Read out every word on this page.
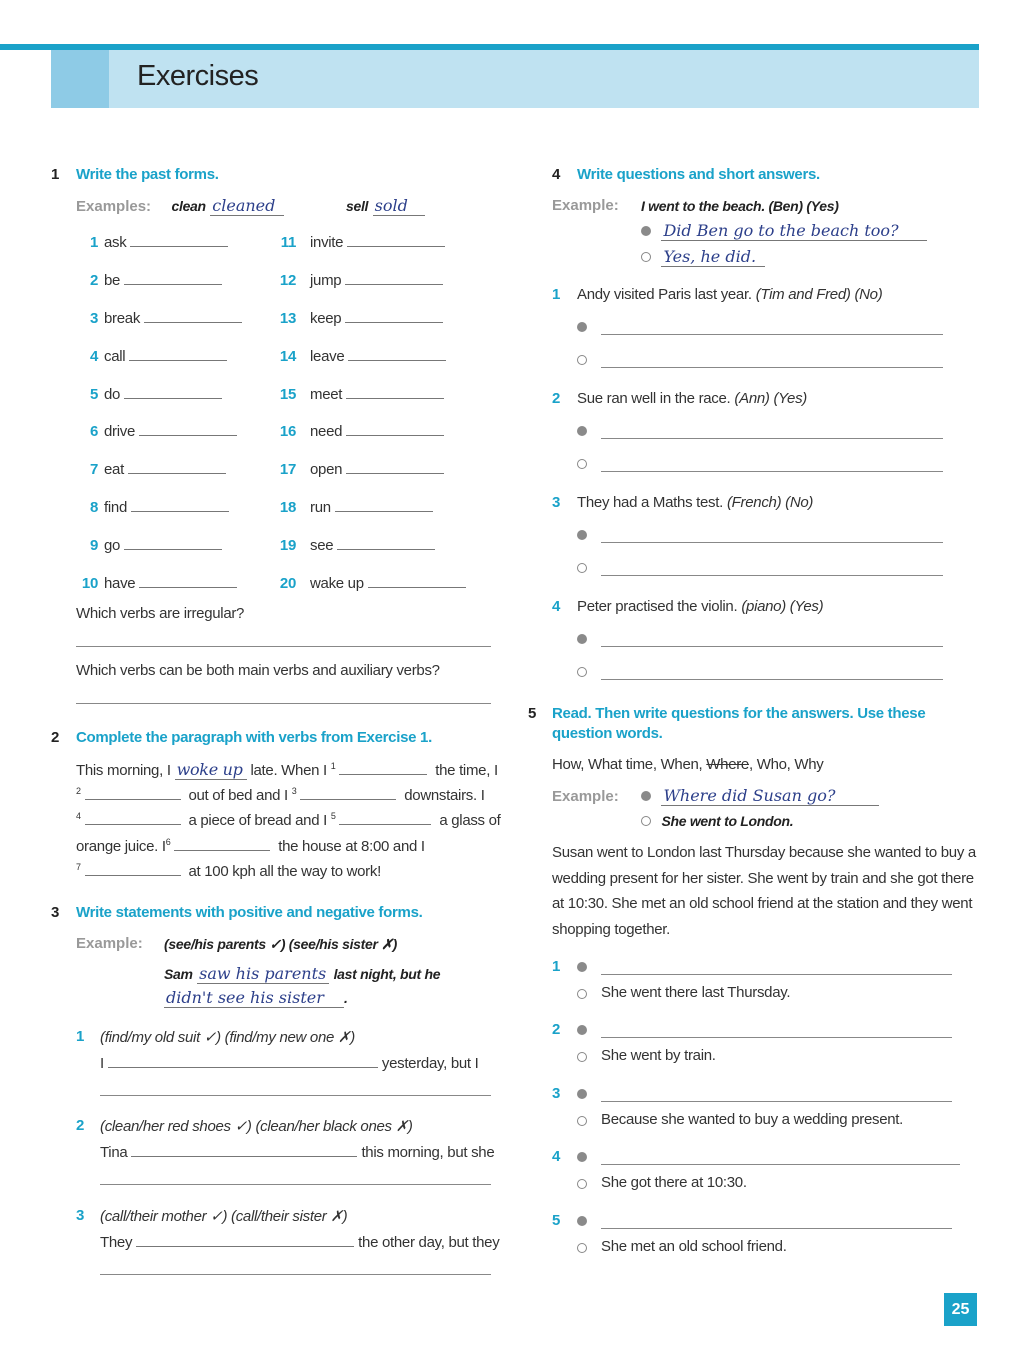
Exercises
1 Write the past forms.
Examples: clean cleaned	sell sold
1 ask
2 be
3 break
4 call
5 do
6 drive
7 eat
8 find
9 go
10 have
11 invite
12 jump
13 keep
14 leave
15 meet
16 need
17 open
18 run
19 see
20 wake up
Which verbs are irregular?
Which verbs can be both main verbs and auxiliary verbs?
2 Complete the paragraph with verbs from Exercise 1.
This morning, I woke up late. When I $^1$	the time, I
$^2$	out of bed and I $^3$	downstairs. I
$^4$	a piece of bread and I $^5$	a glass of
orange juice. $I^6$	the house at 8:00 and I
$^7$	at 100 kph all the way to work!
3 Write statements with positive and negative forms.
Example: (see/his parents ✓) (see/his sister ✗)
Sam saw his parents last night, but he
didn't see his sister .
1 (find/my old suit ✓) (find/my new one ✗)
I	yesterday, but I
2 (clean/her red shoes ✓) (clean/her black ones ✗)
Tina	this morning, but she
3 (call/their mother ✓) (call/their sister ✗)
They	the other day, but they
4 Write questions and short answers.
Example: I went to the beach. (Ben) (Yes)
Did Ben go to the beach too?
Yes, he did.
1 Andy visited Paris last year. (Tim and Fred) (No)
2 Sue ran well in the race. (Ann) (Yes)
3 They had a Maths test. (French) (No)
4 Peter practised the violin. (piano) (Yes)
5 Read. Then write questions for the answers. Use these question words.
How, What time, When, Where, Who, Why
Example:	Where did Susan go?
She went to London.
Susan went to London last Thursday because she wanted to buy a wedding present for her sister. She went by train and she got there at 10:30. She met an old school friend at the station and they went shopping together.
1
She went there last Thursday.
2
She went by train.
3
Because she wanted to buy a wedding present.
4
She got there at 10:30.
5
She met an old school friend.
25
